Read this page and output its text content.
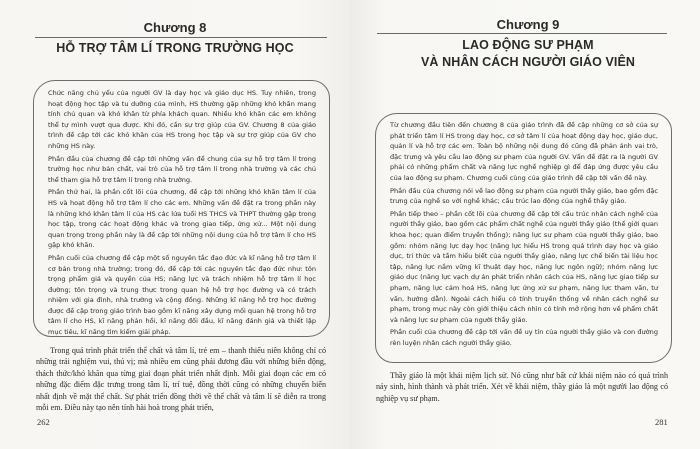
Chương 8
HỖ TRỢ TÂM LÍ TRONG TRƯỜNG HỌC

Chức năng chủ yếu của người GV là dạy học và giáo dục HS. Tuy nhiên, trong hoạt động học tập và tu dưỡng của mình, HS thường gặp những khó khăn mang tính chủ quan và khó khăn từ phía khách quan. Nhiều khó khăn các em không thể tự mình vượt qua được. Khi đó, cần sự trợ giúp của GV. Chương 8 của giáo trình đề cập tới các khó khăn của HS trong học tập và sự trợ giúp của GV cho những HS này.

Phần đầu của chương đề cập tới những vấn đề chung của sự hỗ trợ tâm lí trong trường học như bản chất, vai trò của hỗ trợ tâm lí trong nhà trường và các chủ thể tham gia hỗ trợ tâm lí trong nhà trường.

Phần thứ hai, là phần cốt lõi của chương, đề cập tới những khó khăn tâm lí của HS và hoạt động hỗ trợ tâm lí cho các em. Những vấn đề đặt ra trong phần này là những khó khăn tâm lí của HS các lứa tuổi HS THCS và THPT thường gặp trong học tập, trong các hoạt động khác và trong giao tiếp, ứng xử... Một nội dung quan trọng trong phần này là đề cập tới những nội dung của hỗ trợ tâm lí cho HS gặp khó khăn.

Phần cuối của chương đề cập một số nguyên tắc đạo đức và kĩ năng hỗ trợ tâm lí cơ bản trong nhà trường; trong đó, đề cập tới các nguyên tắc đạo đức như: tôn trọng phẩm giá và quyền của HS; năng lực và trách nhiệm hỗ trợ tâm lí học đường; tôn trọng và trung thực trong quan hệ hỗ trợ học đường và có trách nhiệm với gia đình, nhà trường và cộng đồng. Những kĩ năng hỗ trợ học đường được đề cập trong giáo trình bao gồm kĩ năng xây dựng mối quan hệ trong hỗ trợ tâm lí cho HS, kĩ năng phản hồi, kĩ năng đối đầu, kĩ năng đánh giá và thiết lập mục tiêu, kĩ năng tìm kiếm giải pháp.

Trong quá trình phát triển thể chất và tâm lí, trẻ em – thanh thiếu niên không chỉ có những trải nghiệm vui, thú vị; mà nhiều em cũng phải đương đầu với những biến động, thách thức/khó khăn qua từng giai đoạn phát triển nhất định. Mỗi giai đoạn các em có những đặc điểm đặc trưng trong tâm lí, trí tuệ, đồng thời cũng có những chuyển biến nhất định về mặt thể chất. Sự phát triển đồng thời về thể chất và tâm lí sẽ diễn ra trong mỗi em. Điều này tạo nên tính hài hoà trong phát triển,
262
Chương 9
LAO ĐỘNG SƯ PHẠM
VÀ NHÂN CÁCH NGƯỜI GIÁO VIÊN

Từ chương đầu tiên đến chương 8 của giáo trình đã đề cập những cơ sở của sự phát triển tâm lí HS trong dạy học, cơ sở tâm lí của hoạt động dạy học, giáo dục, quản lí và hỗ trợ các em. Toàn bộ những nội dung đó cũng đã phản ánh vai trò, đặc trưng và yêu cầu lao động sư phạm của người GV. Vấn đề đặt ra là người GV phải có những phẩm chất và năng lực nghề nghiệp gì để đáp ứng được yêu cầu của lao động sư phạm. Chương cuối cùng của giáo trình đề cập tới vấn đề này.

Phần đầu của chương nói về lao động sư phạm của người thầy giáo, bao gồm đặc trưng của nghề so với nghề khác; cấu trúc lao động của nghề thầy giáo.

Phần tiếp theo – phần cốt lõi của chương đề cập tới cấu trúc nhân cách nghề của người thầy giáo, bao gồm các phẩm chất nghề của người thầy giáo (thế giới quan khoa học; quan điểm truyền thống); năng lực sư phạm của người thầy giáo, bao gồm: nhóm năng lực dạy học (năng lực hiểu HS trong quá trình dạy học và giáo dục, tri thức và tầm hiểu biết của người thầy giáo, năng lực chế biến tài liệu học tập, năng lực nắm vững kĩ thuật dạy học, năng lực ngôn ngữ); nhóm năng lực giáo dục (năng lực vạch dự án phát triển nhân cách của HS, năng lực giao tiếp sư phạm, năng lực cảm hoá HS, năng lực ứng xử sư phạm, năng lực tham vấn, tư vấn, hướng dẫn). Ngoài cách hiểu có tính truyền thống về nhân cách nghề sư phạm, trong mục này còn giới thiệu cách nhìn có tính mở rộng hơn về phẩm chất và năng lực sư phạm của người thầy giáo.

Phần cuối của chương đề cập tới vấn đề uy tín của người thầy giáo và con đường rèn luyện nhân cách người thầy giáo.

Thầy giáo là một khái niệm lịch sử. Nó cũng như bất cứ khái niệm nào có quá trình nảy sinh, hình thành và phát triển. Xét về khái niệm, thầy giáo là một người lao động có nghiệp vụ sư phạm.
281
